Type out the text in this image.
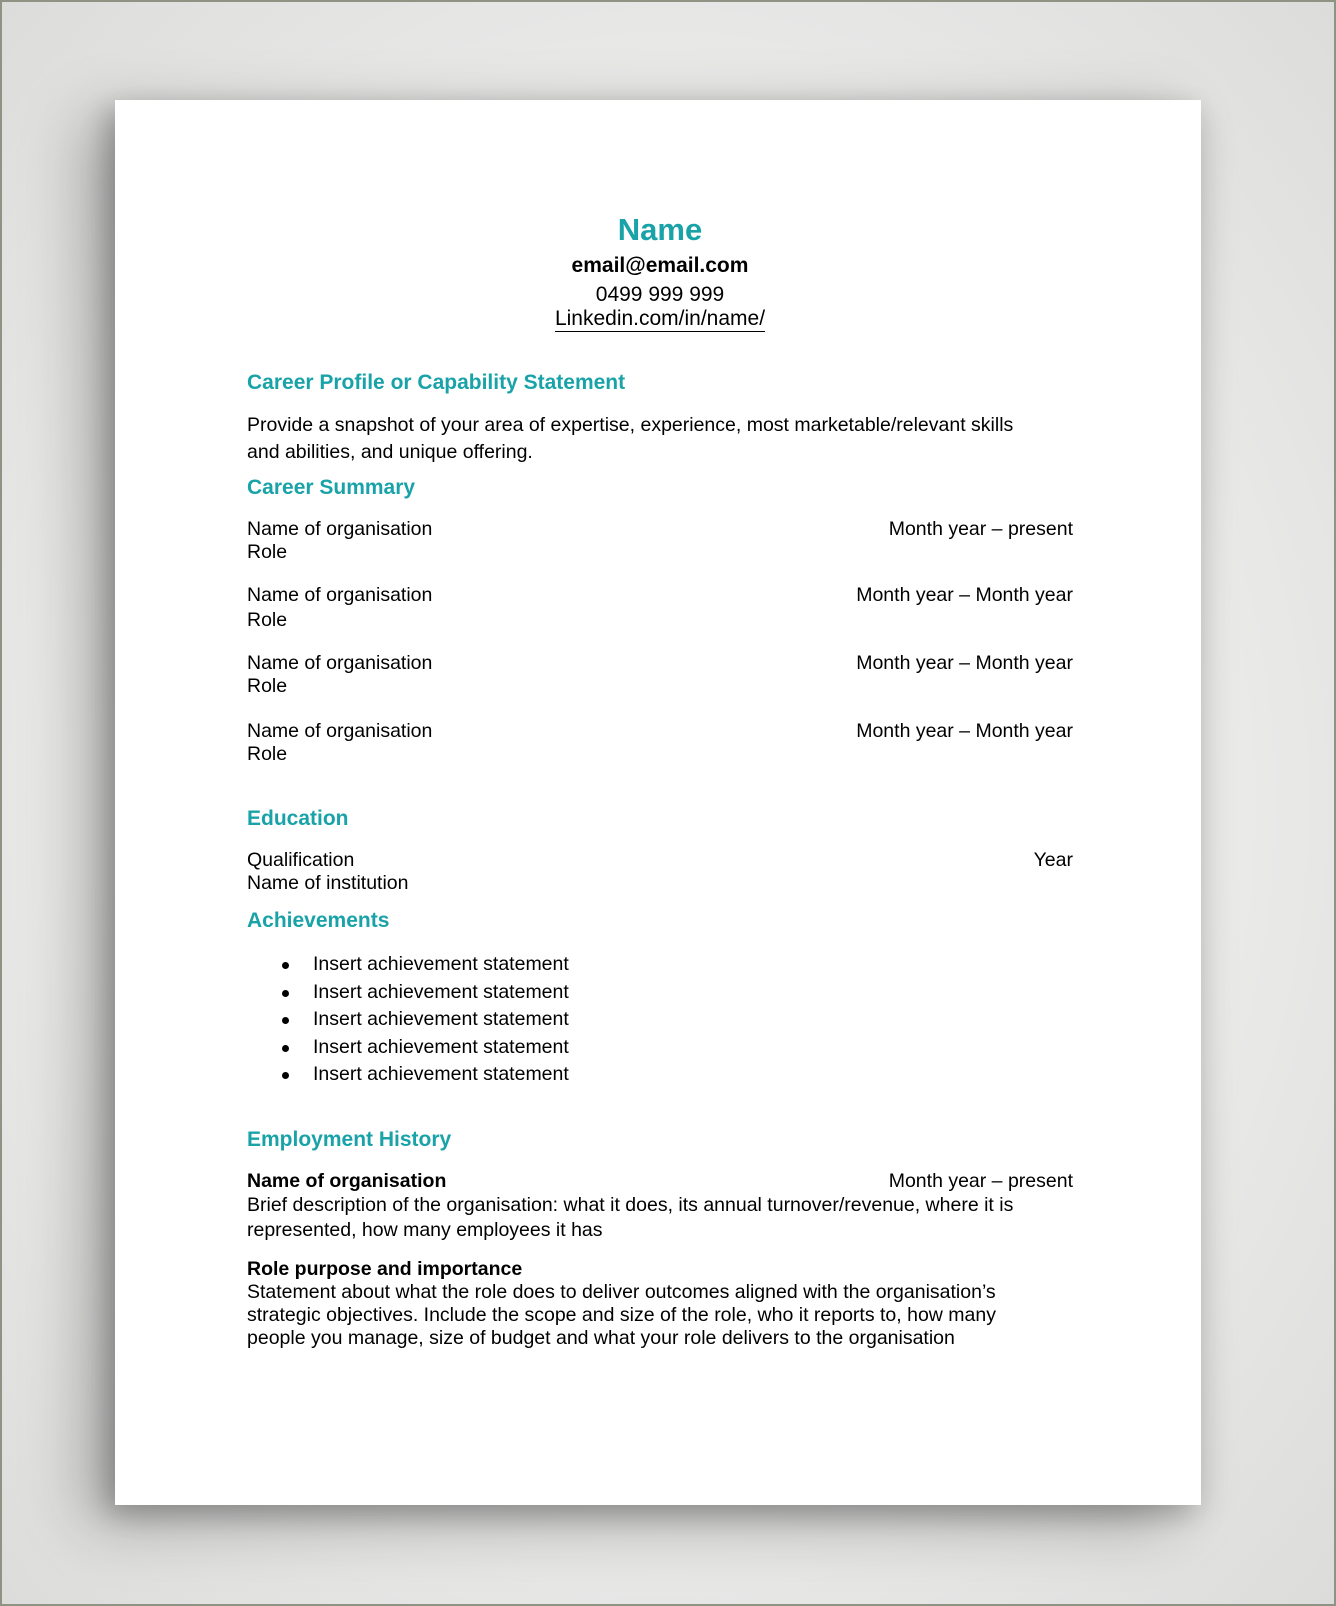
Name
email@email.com
0499 999 999
Linkedin.com/in/name/
Career Profile or Capability Statement
Provide a snapshot of your area of expertise, experience, most marketable/relevant skills and abilities, and unique offering.
Career Summary
Name of organisation	Month year – present
Role
Name of organisation	Month year – Month year
Role
Name of organisation	Month year – Month year
Role
Name of organisation	Month year – Month year
Role
Education
Qualification	Year
Name of institution
Achievements
Insert achievement statement
Insert achievement statement
Insert achievement statement
Insert achievement statement
Insert achievement statement
Employment History
Name of organisation	Month year – present
Brief description of the organisation: what it does, its annual turnover/revenue, where it is represented, how many employees it has
Role purpose and importance
Statement about what the role does to deliver outcomes aligned with the organisation’s strategic objectives. Include the scope and size of the role, who it reports to, how many people you manage, size of budget and what your role delivers to the organisation
